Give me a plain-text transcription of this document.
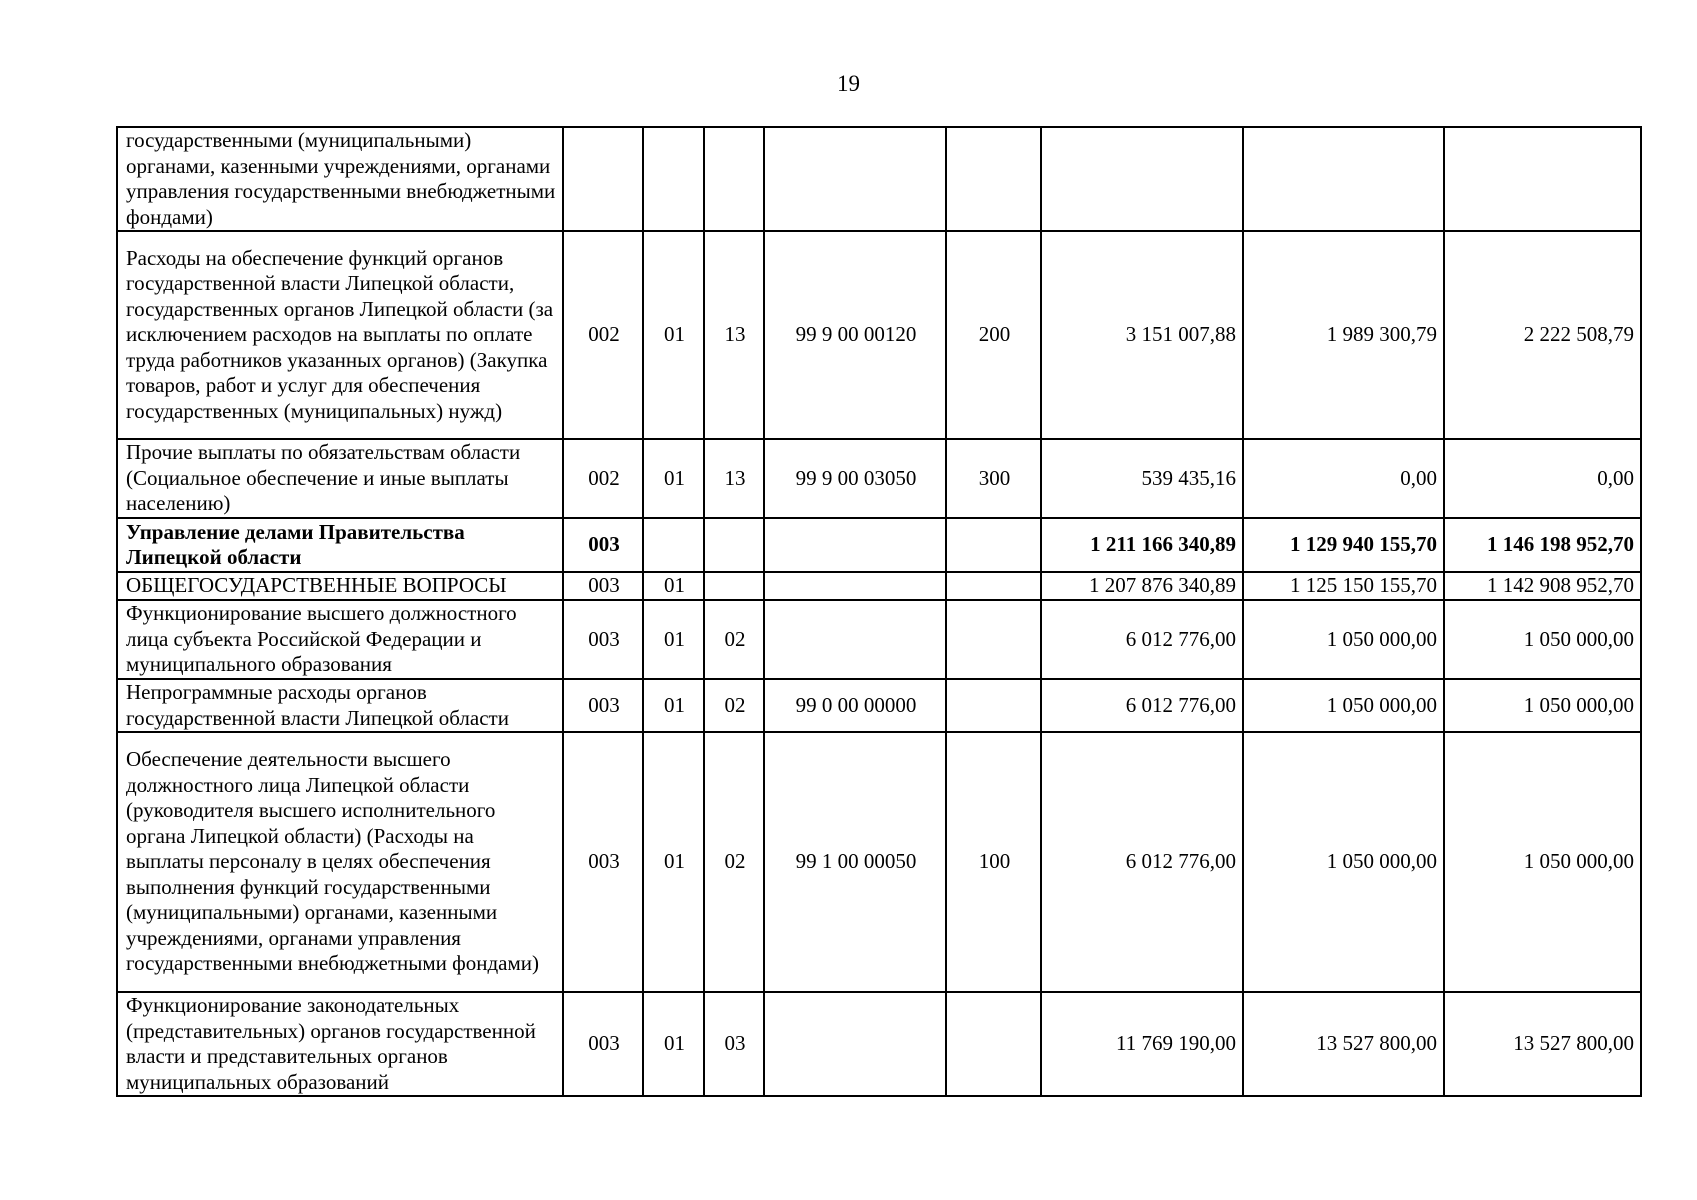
19
государственными (муниципальными) органами, казенными учреждениями, органами управления государственными внебюджетными фондами)								
Расходы на обеспечение функций органов государственной власти Липецкой области, государственных органов Липецкой области (за исключением расходов на выплаты по оплате труда работников указанных органов) (Закупка товаров, работ и услуг для обеспечения государственных (муниципальных) нужд)	002	01	13	99 9 00 00120	200	3 151 007,88	1 989 300,79	2 222 508,79
Прочие выплаты по обязательствам области (Социальное обеспечение и иные выплаты населению)	002	01	13	99 9 00 03050	300	539 435,16	0,00	0,00
Управление делами Правительства Липецкой области	003					1 211 166 340,89	1 129 940 155,70	1 146 198 952,70
ОБЩЕГОСУДАРСТВЕННЫЕ ВОПРОСЫ	003	01				1 207 876 340,89	1 125 150 155,70	1 142 908 952,70
Функционирование высшего должностного лица субъекта Российской Федерации и муниципального образования	003	01	02			6 012 776,00	1 050 000,00	1 050 000,00
Непрограммные расходы органов государственной власти Липецкой области	003	01	02	99 0 00 00000		6 012 776,00	1 050 000,00	1 050 000,00
Обеспечение деятельности высшего должностного лица Липецкой области (руководителя высшего исполнительного органа Липецкой области) (Расходы на выплаты персоналу в целях обеспечения выполнения функций государственными (муниципальными) органами, казенными учреждениями, органами управления государственными внебюджетными фондами)	003	01	02	99 1 00 00050	100	6 012 776,00	1 050 000,00	1 050 000,00
Функционирование законодательных (представительных) органов государственной власти и представительных органов муниципальных образований	003	01	03			11 769 190,00	13 527 800,00	13 527 800,00
